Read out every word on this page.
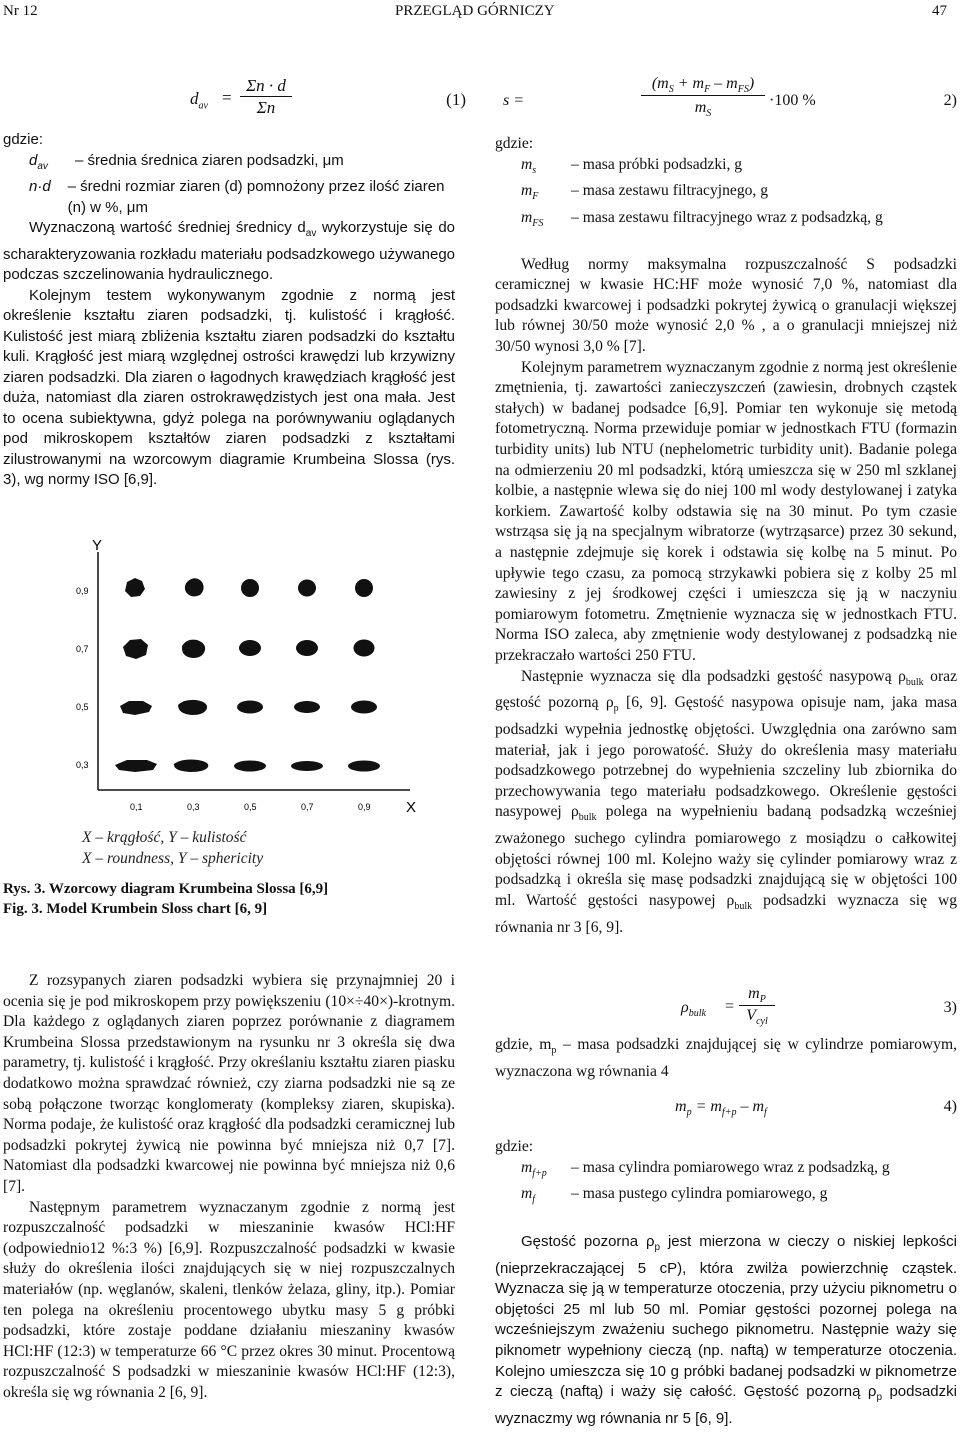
Nr 12	PRZEGLĄD GÓRNICZY	47
$d_{av}$ =
Σn · d
Σn	(1)

gdzie:

$d_{av}$	– średnia średnica ziaren podsadzki, μm
n·d	– średni rozmiar ziaren (d) pomnożony przez ilość ziaren (n) w %, μm

Wyznaczoną wartość średniej średnicy $d_{av}$ wykorzystuje się do scharakteryzowania rozkładu materiału podsadzkowego używanego podczas szczelinowania hydraulicznego.

Kolejnym testem wykonywanym zgodnie z normą jest określenie kształtu ziaren podsadzki, tj. kulistość i krągłość. Kulistość jest miarą zbliżenia kształtu ziaren podsadzki do kształtu kuli. Krągłość jest miarą względnej ostrości krawędzi lub krzywizny ziaren podsadzki. Dla ziaren o łagodnych krawędziach krągłość jest duża, natomiast dla ziaren ostrokrawędzistych jest ona mała. Jest to ocena subiektywna, gdyż polega na porównywaniu oglądanych pod mikroskopem kształtów ziaren podsadzki z kształtami zilustrowanymi na wzorcowym diagramie Krumbeina Slossa (rys. 3), wg normy ISO [6,9].

Y
X
0,9
0,7
0,5
0,3
0,1	0,3	0,5	0,7	0,9
X – krągłość, Y – kulistość
X – roundness, Y – sphericity
Rys. 3. Wzorcowy diagram Krumbeina Slossa [6,9]
Fig. 3. Model Krumbein Sloss chart [6, 9]

Z rozsypanych ziaren podsadzki wybiera się przynajmniej 20 i ocenia się je pod mikroskopem przy powiększeniu (10×÷40×)-krotnym. Dla każdego z oglądanych ziaren poprzez porównanie z diagramem Krumbeina Slossa przedstawionym na rysunku nr 3 określa się dwa parametry, tj. kulistość i krągłość. Przy określaniu kształtu ziaren piasku dodatkowo można sprawdzać również, czy ziarna podsadzki nie są ze sobą połączone tworząc konglomeraty (kompleksy ziaren, skupiska). Norma podaje, że kulistość oraz krągłość dla podsadzki ceramicznej lub podsadzki pokrytej żywicą nie powinna być mniejsza niż 0,7 [7]. Natomiast dla podsadzki kwarcowej nie powinna być mniejsza niż 0,6 [7].

Następnym parametrem wyznaczanym zgodnie z normą jest rozpuszczalność podsadzki w mieszaninie kwasów HCl:HF (odpowiednio12 %:3 %) [6,9]. Rozpuszczalność podsadzki w kwasie służy do określenia ilości znajdujących się w niej rozpuszczalnych materiałów (np. węglanów, skaleni, tlenków żelaza, gliny, itp.). Pomiar ten polega na określeniu procentowego ubytku masy 5 g próbki podsadzki, które zostaje poddane działaniu mieszaniny kwasów HCl:HF (12:3) w temperaturze 66 °C przez okres 30 minut. Procentową rozpuszczalność S podsadzki w mieszaninie kwasów HCl:HF (12:3), określa się wg równania 2 [6, 9].

s =
$(m_S + m_F - m_{FS})$
$m_S$
·100 %	2)

gdzie:

$m_s$	– masa próbki podsadzki, g
$m_F$	– masa zestawu filtracyjnego, g
$m_{FS}$	– masa zestawu filtracyjnego wraz z podsadzką, g

Według normy maksymalna rozpuszczalność S podsadzki ceramicznej w kwasie HC:HF może wynosić 7,0 %, natomiast dla podsadzki kwarcowej i podsadzki pokrytej żywicą o granulacji większej lub równej 30/50 może wynosić 2,0 % , a o granulacji mniejszej niż 30/50 wynosi 3,0 % [7].

Kolejnym parametrem wyznaczanym zgodnie z normą jest określenie zmętnienia, tj. zawartości zanieczyszczeń (zawiesin, drobnych cząstek stałych) w badanej podsadce [6,9]. Pomiar ten wykonuje się metodą fotometryczną. Norma przewiduje pomiar w jednostkach FTU (formazin turbidity units) lub NTU (nephelometric turbidity unit). Badanie polega na odmierzeniu 20 ml podsadzki, którą umieszcza się w 250 ml szklanej kolbie, a następnie wlewa się do niej 100 ml wody destylowanej i zatyka korkiem. Zawartość kolby odstawia się na 30 minut. Po tym czasie wstrząsa się ją na specjalnym wibratorze (wytrząsarce) przez 30 sekund, a następnie zdejmuje się korek i odstawia się kolbę na 5 minut. Po upływie tego czasu, za pomocą strzykawki pobiera się z kolby 25 ml zawiesiny z jej środkowej części i umieszcza się ją w naczyniu pomiarowym fotometru. Zmętnienie wyznacza się w jednostkach FTU. Norma ISO zaleca, aby zmętnienie wody destylowanej z podsadzką nie przekraczało wartości 250 FTU.

Następnie wyznacza się dla podsadzki gęstość nasypową $\rho_{bulk}$ oraz gęstość pozorną $\rho_p$ [6, 9]. Gęstość nasypowa opisuje nam, jaka masa podsadzki wypełnia jednostkę objętości. Uwzględnia ona zarówno sam materiał, jak i jego porowatość. Służy do określenia masy materiału podsadzkowego potrzebnej do wypełnienia szczeliny lub zbiornika do przechowywania tego materiału podsadzkowego. Określenie gęstości nasypowej $\rho_{bulk}$ polega na wypełnieniu badaną podsadzką wcześniej zważonego suchego cylindra pomiarowego z mosiądzu o całkowitej objętości równej 100 ml. Kolejno waży się cylinder pomiarowy wraz z podsadzką i określa się masę podsadzki znajdującą się w objętości 100 ml. Wartość gęstości nasypowej $\rho_{bulk}$ podsadzki wyznacza się wg równania nr 3 [6, 9].

$\rho_{bulk}$ =
$m_P$
$V_{cyl}$
3)

gdzie, $m_p$ – masa podsadzki znajdującej się w cylindrze pomiarowym, wyznaczona wg równania 4

$m_p = m_{f+p} - m_f$	4)

gdzie:

$m_{f+p}$	– masa cylindra pomiarowego wraz z podsadzką, g
$m_f$	– masa pustego cylindra pomiarowego, g

Gęstość pozorna $\rho_p$ jest mierzona w cieczy o niskiej lepkości (nieprzekraczającej 5 cP), która zwilża powierzchnię cząstek. Wyznacza się ją w temperaturze otoczenia, przy użyciu piknometru o objętości 25 ml lub 50 ml. Pomiar gęstości pozornej polega na wcześniejszym zważeniu suchego piknometru. Następnie waży się piknometr wypełniony cieczą (np. naftą) w temperaturze otoczenia. Kolejno umieszcza się 10 g próbki badanej podsadzki w piknometrze z cieczą (naftą) i waży się całość. Gęstość pozorną $\rho_p$ podsadzki wyznaczmy wg równania nr 5 [6, 9].
